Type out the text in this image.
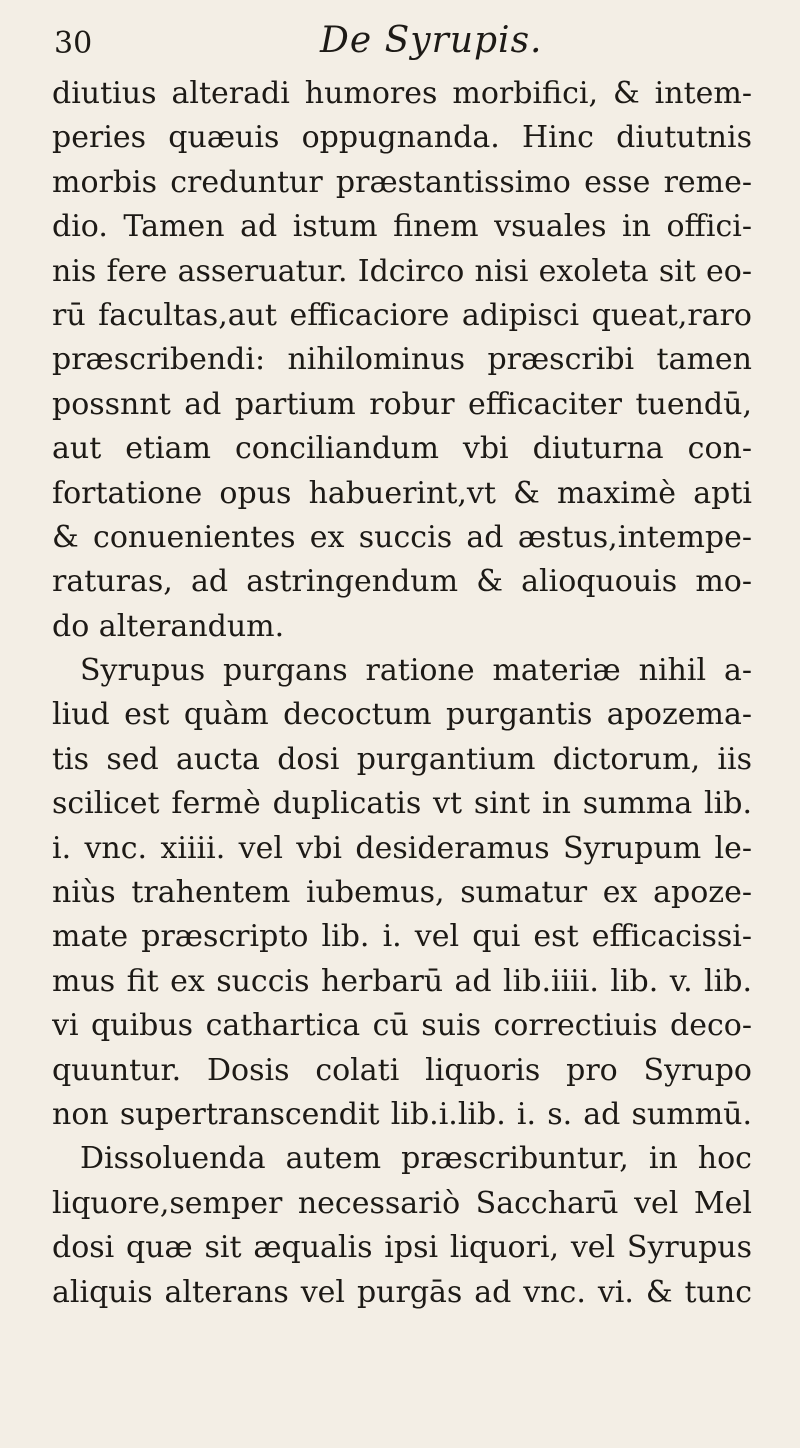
30	De Syrupis.
diutius alteradi humores morbifici, & intem-
peries quæuis oppugnanda. Hinc diututnis
morbis creduntur præstantissimo esse reme-
dio. Tamen ad istum finem vsuales in offici-
nis fere asseruatur. Idcirco nisi exoleta sit eo-
rū facultas,aut efficaciore adipisci queat,raro
præscribendi: nihilominus præscribi tamen
possnnt ad partium robur efficaciter tuendū,
aut etiam conciliandum vbi diuturna con-
fortatione opus habuerint,vt & maximè apti
& conuenientes ex succis ad æstus,intempe-
raturas, ad astringendum & alioquouis mo-
do alterandum.
Syrupus purgans ratione materiæ nihil a-
liud est quàm decoctum purgantis apozema-
tis sed aucta dosi purgantium dictorum, iis
scilicet fermè duplicatis vt sint in summa lib.
i. vnc. xiiii. vel vbi desideramus Syrupum le-
niùs trahentem iubemus, sumatur ex apoze-
mate præscripto lib. i. vel qui est efficacissi-
mus fit ex succis herbarū ad lib.iiii. lib. v. lib.
vi quibus cathartica cū suis correctiuis deco-
quuntur. Dosis colati liquoris pro Syrupo
non supertranscendit lib.i.lib. i. s. ad summū.
Dissoluenda autem præscribuntur, in hoc
liquore,semper necessariò Saccharū vel Mel
dosi quæ sit æqualis ipsi liquori, vel Syrupus
aliquis alterans vel purgās ad vnc. vi. & tunc
